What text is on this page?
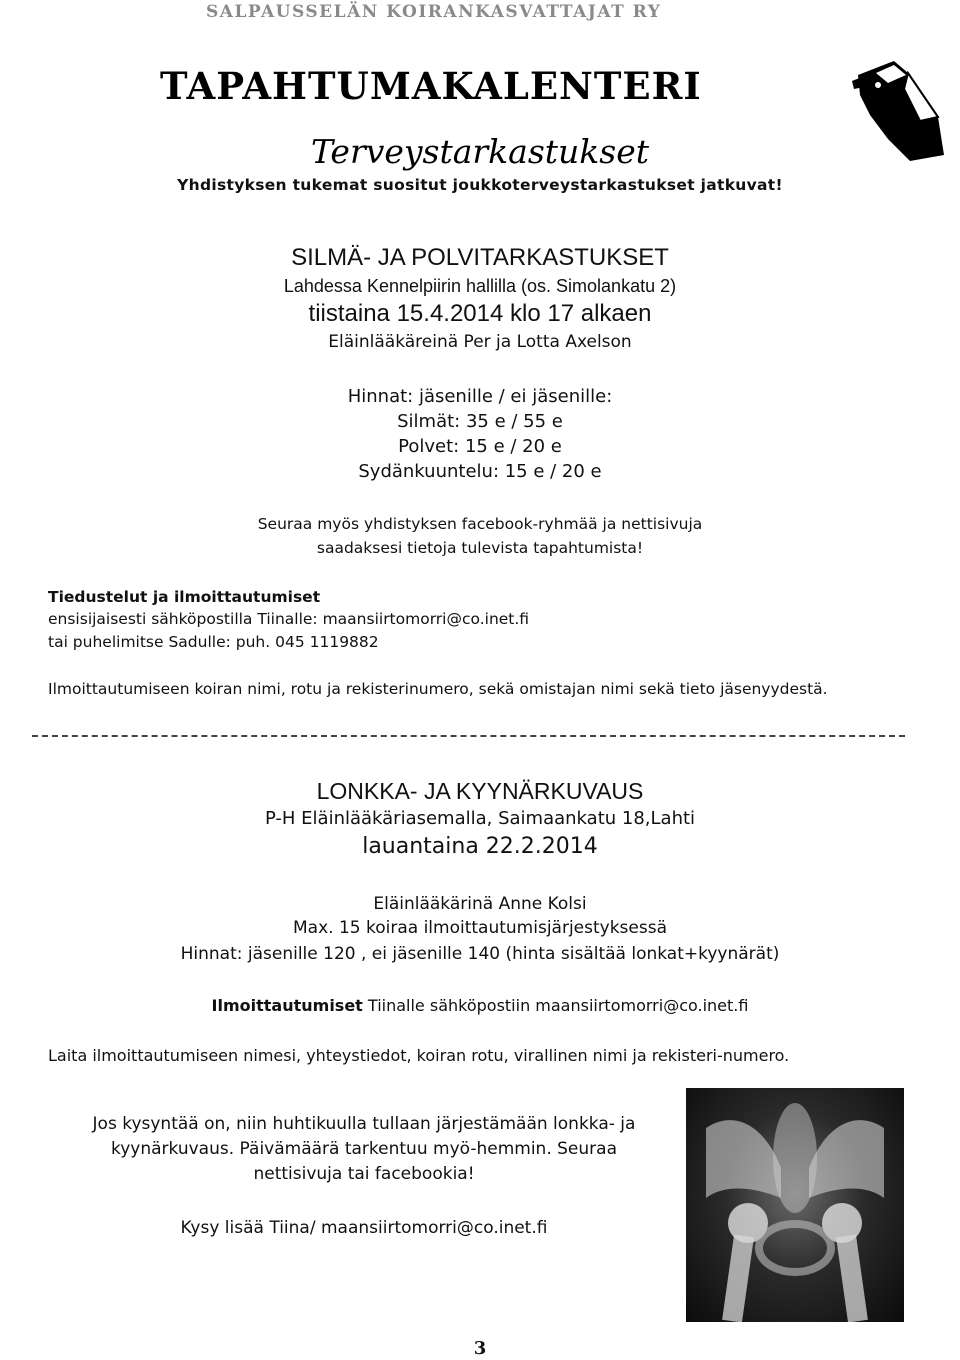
SALPAUSSELÄN KOIRANKASVATTAJAT RY
TAPAHTUMAKALENTERI
Terveystarkastukset
Yhdistyksen tukemat suositut joukkoterveystarkastukset jatkuvat!
SILMÄ- JA POLVITARKASTUKSET
Lahdessa Kennelpiirin hallilla (os. Simolankatu 2)
tiistaina 15.4.2014 klo 17 alkaen
Eläinlääkäreinä Per ja Lotta Axelson
Hinnat: jäsenille / ei jäsenille:
Silmät: 35 e / 55 e
Polvet: 15 e / 20 e
Sydänkuuntelu: 15 e / 20 e
Seuraa myös yhdistyksen facebook-ryhmää ja nettisivuja
saadaksesi tietoja tulevista tapahtumista!
Tiedustelut ja ilmoittautumiset
ensisijaisesti sähköpostilla Tiinalle: maansiirtomorri@co.inet.fi
tai puhelimitse Sadulle: puh. 045 1119882
Ilmoittautumiseen koiran nimi, rotu ja rekisterinumero, sekä omistajan nimi sekä tieto jäsenyydestä.
LONKKA- JA KYYNÄRKUVAUS
P-H Eläinlääkäriasemalla, Saimaankatu 18,Lahti
lauantaina 22.2.2014
Eläinlääkärinä Anne Kolsi
Max. 15 koiraa ilmoittautumisjärjestyksessä
Hinnat: jäsenille 120 , ei jäsenille 140 (hinta sisältää lonkat+kyynärät)
Ilmoittautumiset Tiinalle sähköpostiin maansiirtomorri@co.inet.fi
Laita ilmoittautumiseen nimesi, yhteystiedot, koiran rotu, virallinen nimi ja rekisteri-numero.
Jos kysyntää on, niin huhtikuulla tullaan järjestämään lonkka- ja kyynärkuvaus. Päivämäärä tarkentuu myö-hemmin. Seuraa nettisivuja tai facebookia!
Kysy lisää Tiina/ maansiirtomorri@co.inet.fi
3
